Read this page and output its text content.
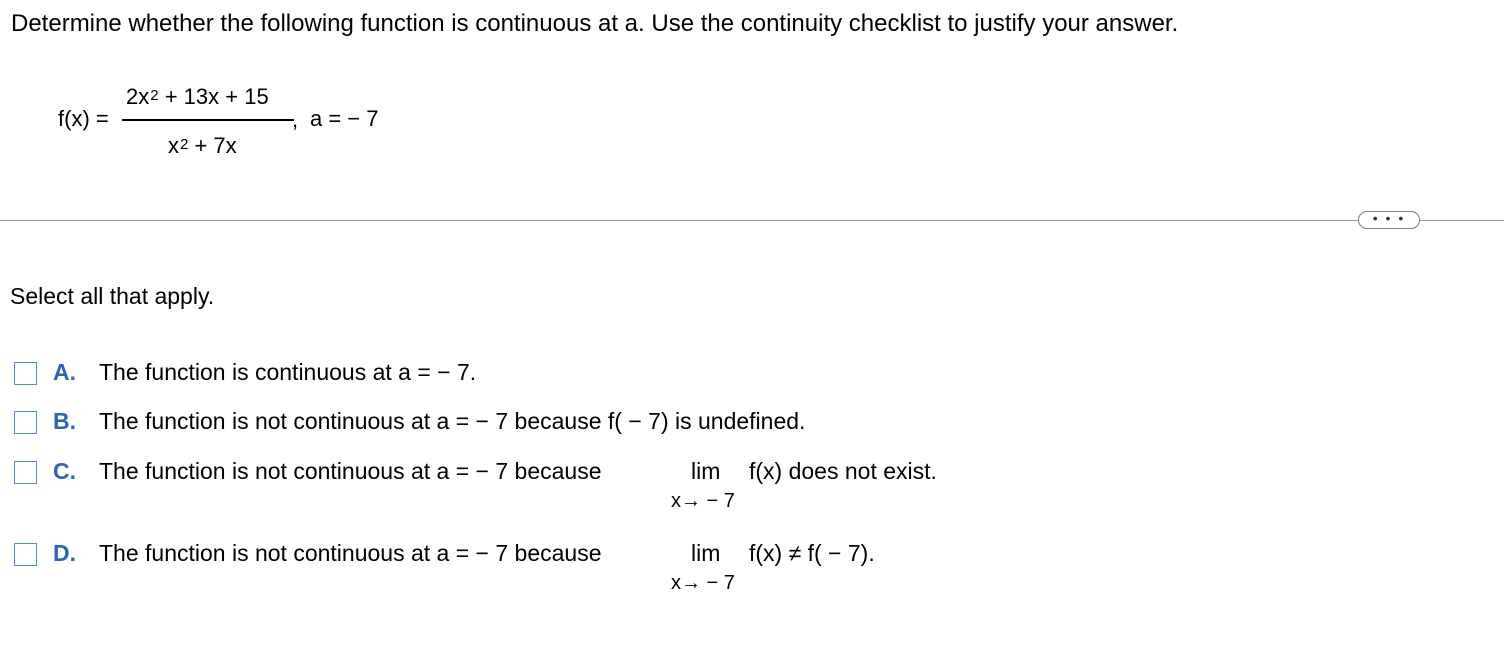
Determine whether the following function is continuous at a. Use the continuity checklist to justify your answer.
f(x) =
$2x^2 + 13x + 15$
$x^2 + 7x$
, a = − 7
• • •
Select all that apply.
A. The function is continuous at a = − 7.
B. The function is not continuous at a = − 7 because f( − 7) is undefined.
C. The function is not continuous at a = − 7 because	lim
x→ − 7
f(x) does not exist.
D. The function is not continuous at a = − 7 because	lim
x→ − 7
f(x) ≠ f( − 7).
